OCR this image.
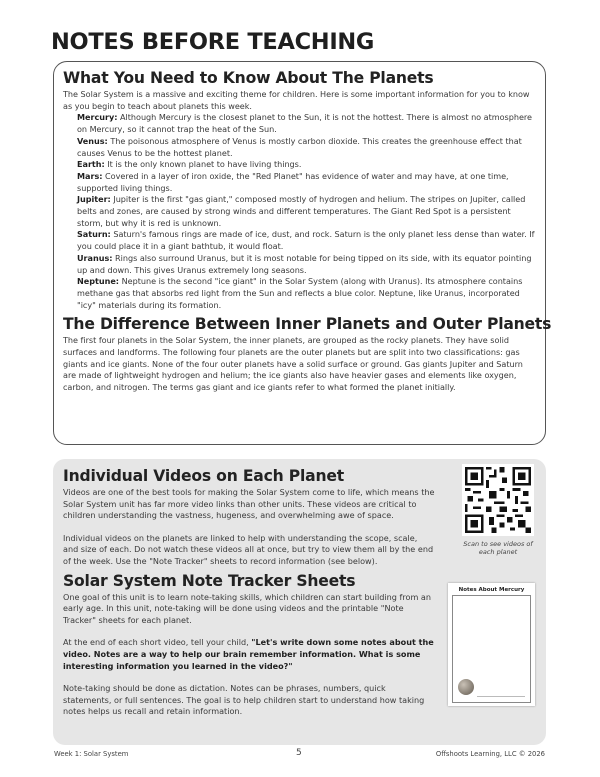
NOTES BEFORE TEACHING
What You Need to Know About The Planets

The Solar System is a massive and exciting theme for children. Here is some important information for you to know as you begin to teach about planets this week.

Mercury: Although Mercury is the closest planet to the Sun, it is not the hottest. There is almost no atmosphere on Mercury, so it cannot trap the heat of the Sun.

Venus: The poisonous atmosphere of Venus is mostly carbon dioxide. This creates the greenhouse effect that causes Venus to be the hottest planet.

Earth: It is the only known planet to have living things.

Mars: Covered in a layer of iron oxide, the "Red Planet" has evidence of water and may have, at one time, supported living things.

Jupiter: Jupiter is the first "gas giant," composed mostly of hydrogen and helium. The stripes on Jupiter, called belts and zones, are caused by strong winds and different temperatures. The Giant Red Spot is a persistent storm, but why it is red is unknown.

Saturn: Saturn's famous rings are made of ice, dust, and rock. Saturn is the only planet less dense than water. If you could place it in a giant bathtub, it would float.

Uranus: Rings also surround Uranus, but it is most notable for being tipped on its side, with its equator pointing up and down. This gives Uranus extremely long seasons.

Neptune: Neptune is the second "ice giant" in the Solar System (along with Uranus). Its atmosphere contains methane gas that absorbs red light from the Sun and reflects a blue color. Neptune, like Uranus, incorporated "icy" materials during its formation.

The Difference Between Inner Planets and Outer Planets

The first four planets in the Solar System, the inner planets, are grouped as the rocky planets. They have solid surfaces and landforms. The following four planets are the outer planets but are split into two classifications: gas giants and ice giants. None of the four outer planets have a solid surface or ground. Gas giants Jupiter and Saturn are made of lightweight hydrogen and helium; the ice giants also have heavier gases and elements like oxygen, carbon, and nitrogen. The terms gas giant and ice giants refer to what formed the planet initially.

Individual Videos on Each Planet

Videos are one of the best tools for making the Solar System come to life, which means the Solar System unit has far more video links than other units. These videos are critical to children understanding the vastness, hugeness, and overwhelming awe of space.

Individual videos on the planets are linked to help with understanding the scope, scale, and size of each. Do not watch these videos all at once, but try to view them all by the end of the week. Use the "Note Tracker" sheets to record information (see below).

Solar System Note Tracker Sheets

One goal of this unit is to learn note-taking skills, which children can start building from an early age. In this unit, note-taking will be done using videos and the printable "Note Tracker" sheets for each planet.

At the end of each short video, tell your child, "Let's write down some notes about the video. Notes are a way to help our brain remember information. What is some interesting information you learned in the video?"

Note-taking should be done as dictation. Notes can be phrases, numbers, quick statements, or full sentences. The goal is to help children start to understand how taking notes helps us recall and retain information.

Scan to see videos of each planet
Notes About Mercury
Week 1: Solar System	5	Offshoots Learning, LLC © 2026
